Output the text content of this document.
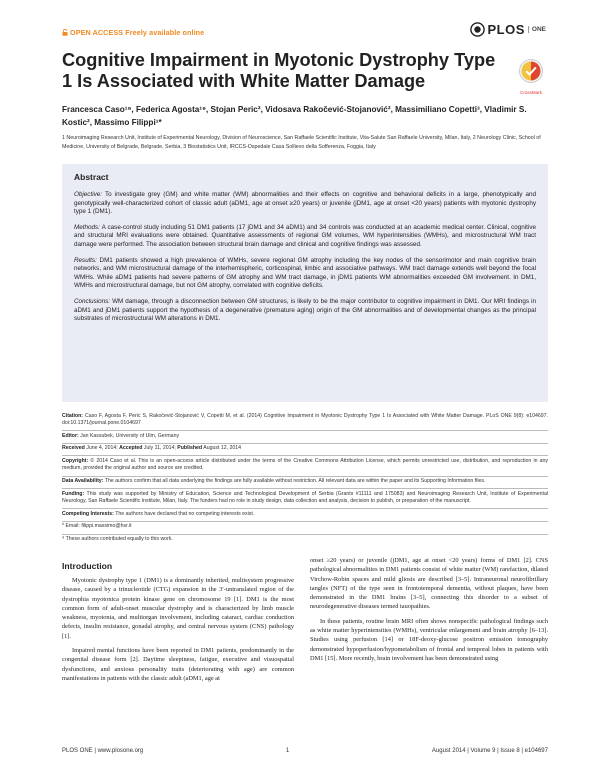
OPEN ACCESS Freely available online	PLOS	ONE
Cognitive Impairment in Myotonic Dystrophy Type 1 Is Associated with White Matter Damage
CrossMark

Francesca Caso¹⁹, Federica Agosta¹⁹, Stojan Peric², Vidosava Rakočević-Stojanović², Massimiliano Copetti³, Vladimir S. Kostic², Massimo Filippi¹*

1 Neuroimaging Research Unit, Institute of Experimental Neurology, Division of Neuroscience, San Raffaele Scientific Institute, Vita-Salute San Raffaele University, Milan, Italy, 2 Neurology Clinic, School of Medicine, University of Belgrade, Belgrade, Serbia, 3 Biostatistics Unit, IRCCS-Ospedale Casa Sollievo della Sofferenza, Foggia, Italy

Abstract

Objective: To investigate grey (GM) and white matter (WM) abnormalities and their effects on cognitive and behavioral deficits in a large, phenotypically and genotypically well-characterized cohort of classic adult (aDM1, age at onset ≥20 years) or juvenile (jDM1, age at onset <20 years) patients with myotonic dystrophy type 1 (DM1).

Methods: A case-control study including 51 DM1 patients (17 jDM1 and 34 aDM1) and 34 controls was conducted at an academic medical center. Clinical, cognitive and structural MRI evaluations were obtained. Quantitative assessments of regional GM volumes, WM hyperintensities (WMHs), and microstructural WM tract damage were performed. The association between structural brain damage and clinical and cognitive findings was assessed.

Results: DM1 patients showed a high prevalence of WMHs, severe regional GM atrophy including the key nodes of the sensorimotor and main cognitive brain networks, and WM microstructural damage of the interhemispheric, corticospinal, limbic and associative pathways. WM tract damage extends well beyond the focal WMHs. While aDM1 patients had severe patterns of GM atrophy and WM tract damage, in jDM1 patients WM abnormalities exceeded GM involvement. In DM1, WMHs and microstructural damage, but not GM atrophy, correlated with cognitive deficits.

Conclusions: WM damage, through a disconnection between GM structures, is likely to be the major contributor to cognitive impairment in DM1. Our MRI findings in aDM1 and jDM1 patients support the hypothesis of a degenerative (premature aging) origin of the GM abnormalities and of developmental changes as the principal substrates of microstructural WM alterations in DM1.

Citation: Caso F, Agosta F, Peric S, Rakočević-Stojanović V, Copetti M, et al. (2014) Cognitive Impairment in Myotonic Dystrophy Type 1 Is Associated with White Matter Damage. PLoS ONE 9(8): e104697. doi:10.1371/journal.pone.0104697

Editor: Jan Kassubek, University of Ulm, Germany

Received June 4, 2014; Accepted July 11, 2014; Published August 12, 2014

Copyright: © 2014 Caso et al. This is an open-access article distributed under the terms of the Creative Commons Attribution License, which permits unrestricted use, distribution, and reproduction in any medium, provided the original author and source are credited.

Data Availability: The authors confirm that all data underlying the findings are fully available without restriction. All relevant data are within the paper and its Supporting Information files.

Funding: This study was supported by Ministry of Education, Science and Technological Development of Serbia (Grants #11111 and 175083) and Neuroimaging Research Unit, Institute of Experimental Neurology, San Raffaele Scientific Institute, Milan, Italy. The funders had no role in study design, data collection and analysis, decision to publish, or preparation of the manuscript.

Competing Interests: The authors have declared that no competing interests exist.

* Email: filippi.massimo@hsr.it

⁹ These authors contributed equally to this work.

Introduction

Myotonic dystrophy type 1 (DM1) is a dominantly inherited, multisystem progressive disease, caused by a trinucleotide (CTG) expansion in the 3′-untranslated region of the dystrophia myotonica protein kinase gene on chromosome 19 [1]. DM1 is the most common form of adult-onset muscular dystrophy and is characterized by limb muscle weakness, myotonia, and multiorgan involvement, including cataract, cardiac conduction defects, insulin resistance, gonadal atrophy, and central nervous system (CNS) pathology [1].

Impaired mental functions have been reported in DM1 patients, predominantly in the congenital disease form [2]. Daytime sleepiness, fatigue, executive and visuospatial dysfunctions, and anxious personality traits (deteriorating with age) are common manifestations in patients with the classic adult (aDM1, age at

onset ≥20 years) or juvenile (jDM1, age at onset <20 years) forms of DM1 [2]. CNS pathological abnormalities in DM1 patients consist of white matter (WM) rarefaction, dilated Virchow-Robin spaces and mild gliosis are described [3–5]. Intraneuronal neurofibrillary tangles (NFT) of the type seen in frontotemporal dementia, without plaques, have been demonstrated in the DM1 brains [3–5], connecting this disorder to a subset of neurodegenerative diseases termed tauopathies.

In these patients, routine brain MRI often shows nonspecific pathological findings such as white matter hyperintensities (WMHs), ventricular enlargement and brain atrophy [6–13]. Studies using perfusion [14] or 18F-deoxy-glucose positron emission tomography demonstrated hypoperfusion/hypometabolism of frontal and temporal lobes in patients with DM1 [15]. More recently, brain involvement has been demonstrated using

PLOS ONE | www.plosone.org	1	August 2014 | Volume 9 | Issue 8 | e104697
